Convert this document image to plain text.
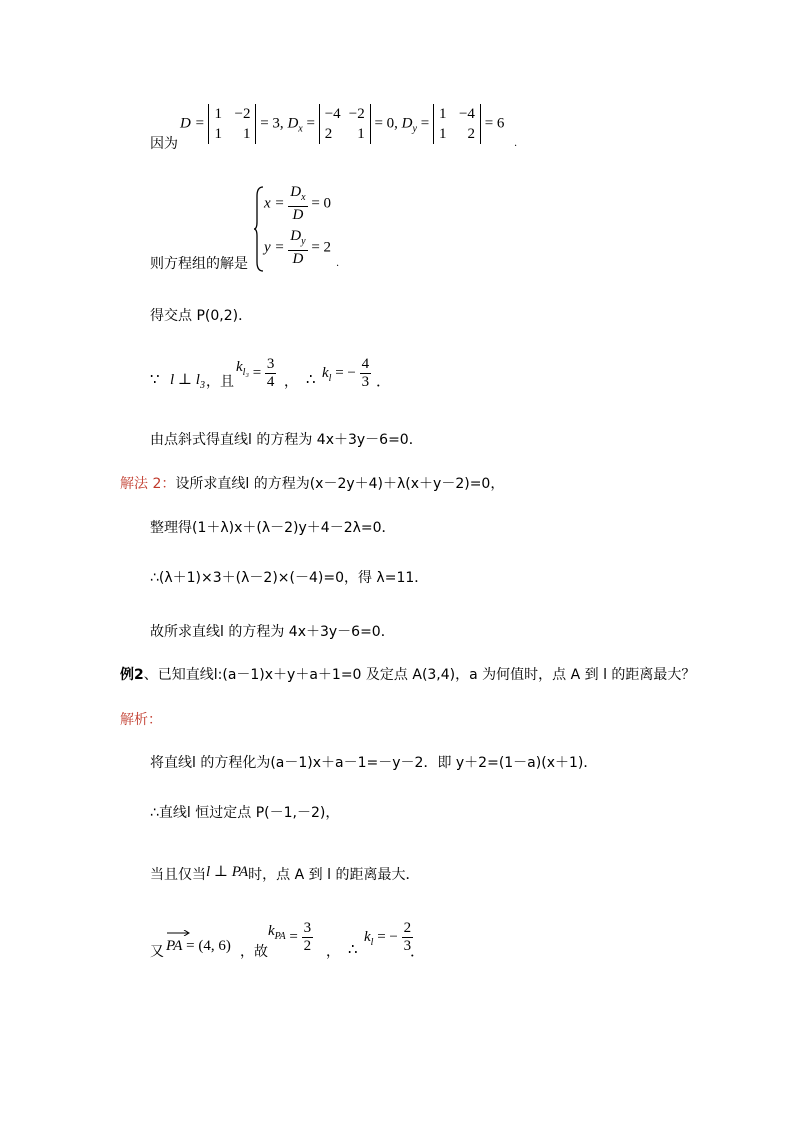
因为
D =
1 −2
1 1
= 3, $D_x$ =
−4 −2
2 1
= 0, $D_y$ =
1 −4
1 2
= 6
.
则方程组的解是
$x = \frac{D_x}{D} = 0$
$y = \frac{D_y}{D} = 2$
.
得交点 P(0,2)．
∵ l ⊥ $l_3$ ，且
$k^{l_3} = \frac{3}{4}$ ， ∴ $k_l$ = − $\frac{4}{3}$ ．
由点斜式得直线l 的方程为 4x＋3y－6=0．
解法 2：设所求直线l 的方程为(x－2y＋4)＋λ(x＋y－2)=0，
整理得(1＋λ)x＋(λ－2)y＋4－2λ=0．
∴(λ＋1)×3＋(λ－2)×(－4)=0，得 λ=11．
故所求直线l 的方程为 4x＋3y－6=0．
例2、已知直线l:(a－1)x＋y＋a＋1=0 及定点 A(3,4)，a 为何值时，点 A 到 l 的距离最大？
解析：
将直线l 的方程化为(a－1)x＋a－1=－y－2．即 y＋2=(1－a)(x＋1)．
∴直线l 恒过定点 P(－1,－2)，
当且仅当l ⊥ PA时，点 A 到 l 的距离最大．
又 PA = (4, 6) ，故
$k^{PA} = \frac{3}{2}$ ， ∴
$k_l$ = − $\frac{2}{3}$
．
